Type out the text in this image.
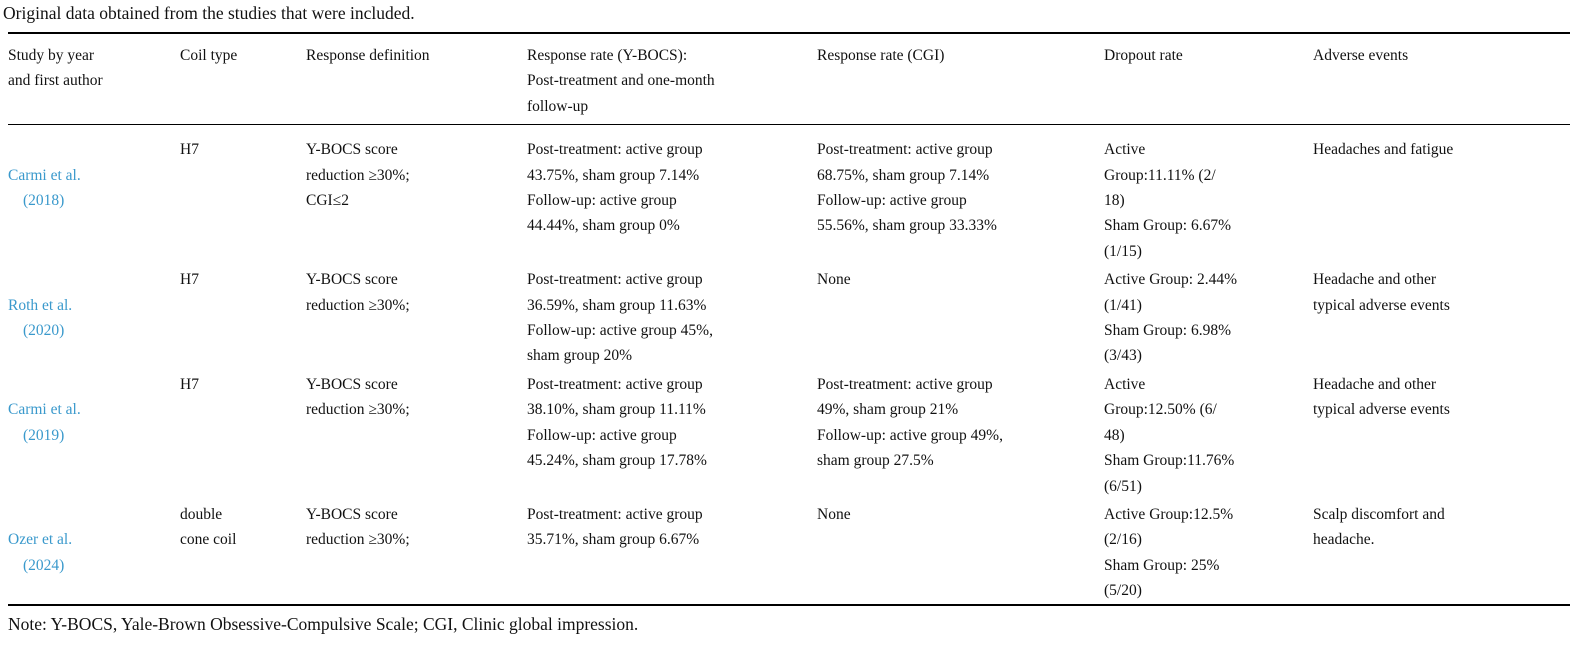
Original data obtained from the studies that were included.

Study by year
and first author	Coil type	Response definition	Response rate (Y-BOCS):
Post-treatment and one-month
follow-up	Response rate (CGI)	Dropout rate	Adverse events

Carmi et al.
(2018)	H7	Y-BOCS score
reduction ≥30%;
CGI≤2	Post-treatment: active group
43.75%, sham group 7.14%
Follow-up: active group
44.44%, sham group 0%	Post-treatment: active group
68.75%, sham group 7.14%
Follow-up: active group
55.56%, sham group 33.33%	Active
Group:11.11% (2/
18)
Sham Group: 6.67%
(1/15)	Headaches and fatigue

Roth et al.
(2020)	H7	Y-BOCS score
reduction ≥30%;	Post-treatment: active group
36.59%, sham group 11.63%
Follow-up: active group 45%,
sham group 20%	None	Active Group: 2.44%
(1/41)
Sham Group: 6.98%
(3/43)	Headache and other
typical adverse events

Carmi et al.
(2019)	H7	Y-BOCS score
reduction ≥30%;	Post-treatment: active group
38.10%, sham group 11.11%
Follow-up: active group
45.24%, sham group 17.78%	Post-treatment: active group
49%, sham group 21%
Follow-up: active group 49%,
sham group 27.5%	Active
Group:12.50% (6/
48)
Sham Group:11.76%
(6/51)	Headache and other
typical adverse events

Ozer et al.
(2024)	double
cone coil	Y-BOCS score
reduction ≥30%;	Post-treatment: active group
35.71%, sham group 6.67%	None	Active Group:12.5%
(2/16)
Sham Group: 25%
(5/20)	Scalp discomfort and
headache.

Note: Y-BOCS, Yale-Brown Obsessive-Compulsive Scale; CGI, Clinic global impression.
